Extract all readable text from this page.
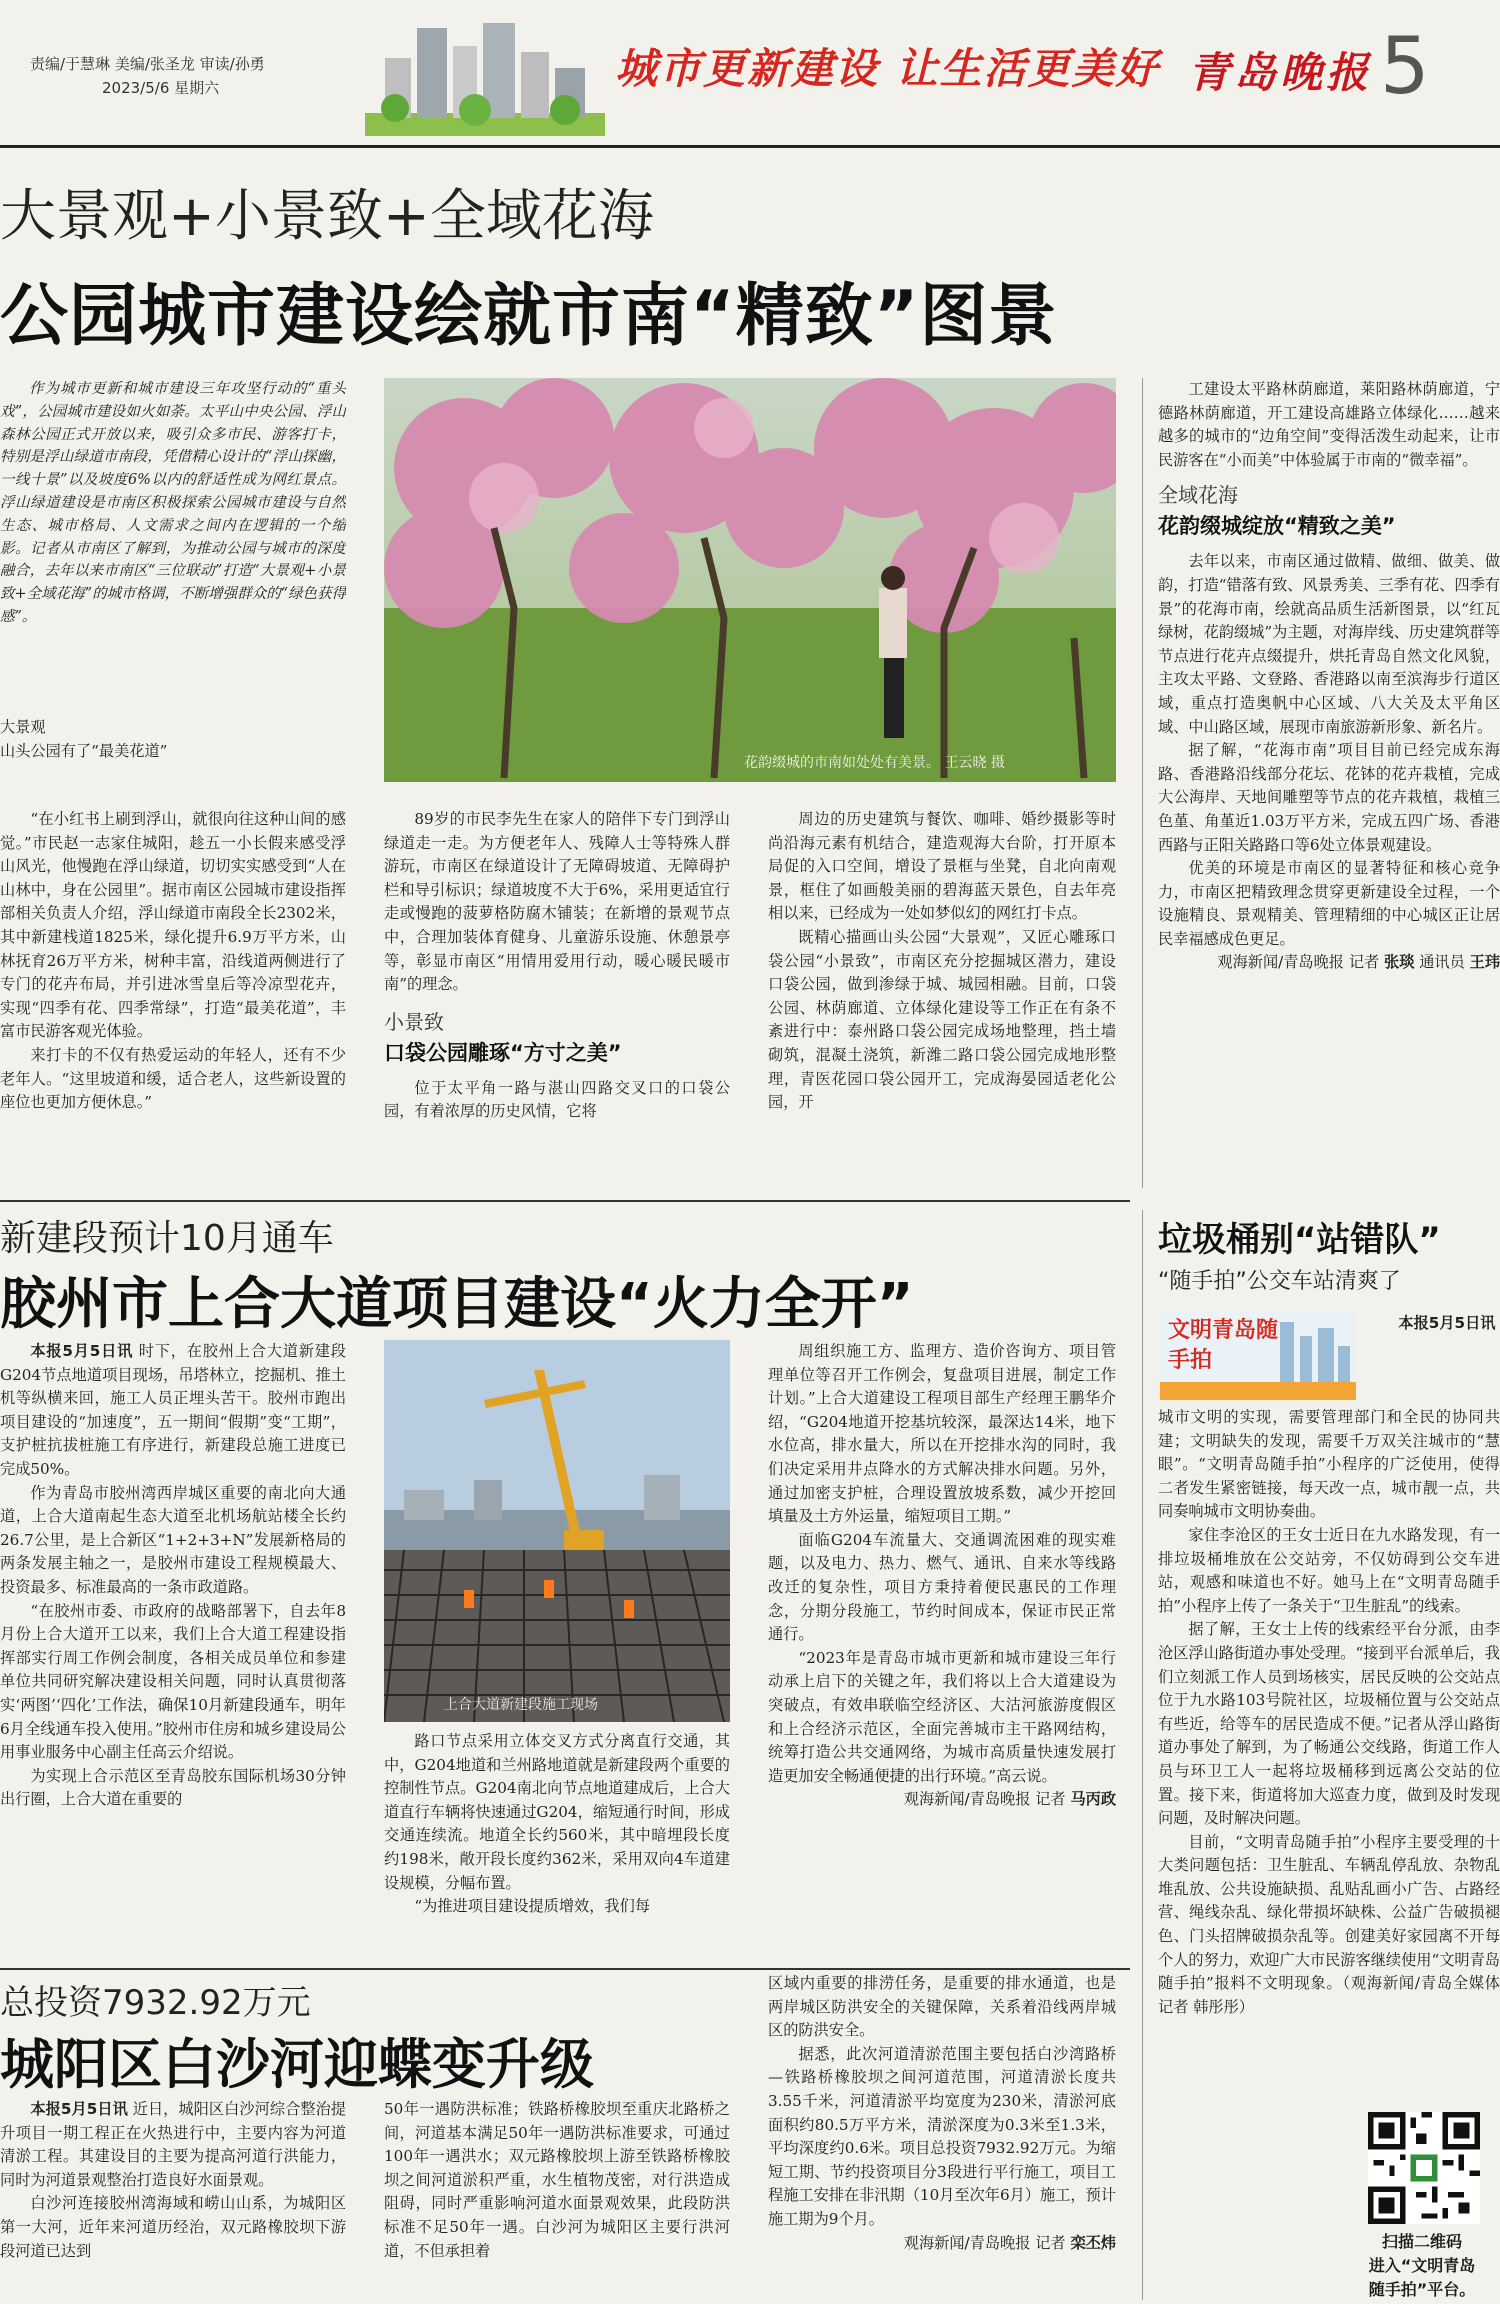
责编/于慧琳 美编/张圣龙 审读/孙勇
2023/5/6 星期六	城市更新建设 让生活更美好 青岛晚报 5
大景观+小景致+全域花海
公园城市建设绘就市南“精致”图景

作为城市更新和城市建设三年攻坚行动的“重头戏”，公园城市建设如火如荼。太平山中央公园、浮山森林公园正式开放以来，吸引众多市民、游客打卡，特别是浮山绿道市南段，凭借精心设计的“浮山探幽，一线十景”以及坡度6%以内的舒适性成为网红景点。浮山绿道建设是市南区积极探索公园城市建设与自然生态、城市格局、人文需求之间内在逻辑的一个缩影。记者从市南区了解到，为推动公园与城市的深度融合，去年以来市南区“三位联动”打造“大景观+小景致+全域花海”的城市格调，不断增强群众的“绿色获得感”。

大景观
山头公园有了“最美花道”
花韵缀城的市南如处处有美景。 王云晓 摄

“在小红书上刷到浮山，就很向往这种山间的感觉。”市民赵一志家住城阳，趁五一小长假来感受浮山风光，他慢跑在浮山绿道，切切实实感受到“人在山林中，身在公园里”。据市南区公园城市建设指挥部相关负责人介绍，浮山绿道市南段全长2302米，其中新建栈道1825米，绿化提升6.9万平方米，山林抚育26万平方米，树种丰富，沿线道两侧进行了专门的花卉布局，并引进冰雪皇后等冷凉型花卉，实现“四季有花、四季常绿”，打造“最美花道”，丰富市民游客观光体验。

来打卡的不仅有热爱运动的年轻人，还有不少老年人。“这里坡道和缓，适合老人，这些新设置的座位也更加方便休息。”

89岁的市民李先生在家人的陪伴下专门到浮山绿道走一走。为方便老年人、残障人士等特殊人群游玩，市南区在绿道设计了无障碍坡道、无障碍护栏和导引标识；绿道坡度不大于6%，采用更适宜行走或慢跑的菠萝格防腐木铺装；在新增的景观节点中，合理加装体育健身、儿童游乐设施、休憩景亭等，彰显市南区“用情用爱用行动，暖心暖民暖市南”的理念。

小景致
口袋公园雕琢“方寸之美”

位于太平角一路与湛山四路交叉口的口袋公园，有着浓厚的历史风情，它将

周边的历史建筑与餐饮、咖啡、婚纱摄影等时尚沿海元素有机结合，建造观海大台阶，打开原本局促的入口空间，增设了景框与坐凳，自北向南观景，框住了如画般美丽的碧海蓝天景色，自去年亮相以来，已经成为一处如梦似幻的网红打卡点。

既精心描画山头公园“大景观”，又匠心雕琢口袋公园“小景致”，市南区充分挖掘城区潜力，建设口袋公园，做到渗绿于城、城园相融。目前，口袋公园、林荫廊道、立体绿化建设等工作正在有条不紊进行中：泰州路口袋公园完成场地整理，挡土墙砌筑，混凝土浇筑，新潍二路口袋公园完成地形整理，青医花园口袋公园开工，完成海晏园适老化公园，开

工建设太平路林荫廊道，莱阳路林荫廊道，宁德路林荫廊道，开工建设高雄路立体绿化……越来越多的城市的“边角空间”变得活泼生动起来，让市民游客在“小而美”中体验属于市南的“微幸福”。

全域花海
花韵缀城绽放“精致之美”

去年以来，市南区通过做精、做细、做美、做韵，打造“错落有致、风景秀美、三季有花、四季有景”的花海市南，绘就高品质生活新图景，以“红瓦绿树，花韵缀城”为主题，对海岸线、历史建筑群等节点进行花卉点缀提升，烘托青岛自然文化风貌，主攻太平路、文登路、香港路以南至滨海步行道区域，重点打造奥帆中心区域、八大关及太平角区域、中山路区域，展现市南旅游新形象、新名片。

据了解，“花海市南”项目目前已经完成东海路、香港路沿线部分花坛、花钵的花卉栽植，完成大公海岸、天地间雕塑等节点的花卉栽植，栽植三色堇、角堇近1.03万平方米，完成五四广场、香港西路与正阳关路路口等6处立体景观建设。

优美的环境是市南区的显著特征和核心竞争力，市南区把精致理念贯穿更新建设全过程，一个设施精良、景观精美、管理精细的中心城区正让居民幸福感成色更足。

观海新闻/青岛晚报 记者 张琰 通讯员 王玮

新建段预计10月通车
胶州市上合大道项目建设“火力全开”

本报5月5日讯 时下，在胶州上合大道新建段G204节点地道项目现场，吊塔林立，挖掘机、推土机等纵横来回，施工人员正埋头苦干。胶州市跑出项目建设的“加速度”，五一期间“假期”变“工期”，支护桩抗拔桩施工有序进行，新建段总施工进度已完成50%。

作为青岛市胶州湾西岸城区重要的南北向大通道，上合大道南起生态大道至北机场航站楼全长约26.7公里，是上合新区“1+2+3+N”发展新格局的两条发展主轴之一，是胶州市建设工程规模最大、投资最多、标准最高的一条市政道路。

“在胶州市委、市政府的战略部署下，自去年8月份上合大道开工以来，我们上合大道工程建设指挥部实行周工作例会制度，各相关成员单位和参建单位共同研究解决建设相关问题，同时认真贯彻落实‘两图’‘四化’工作法，确保10月新建段通车，明年6月全线通车投入使用。”胶州市住房和城乡建设局公用事业服务中心副主任高云介绍说。

为实现上合示范区至青岛胶东国际机场30分钟出行圈，上合大道在重要的

上合大道新建段施工现场

路口节点采用立体交叉方式分离直行交通，其中，G204地道和兰州路地道就是新建段两个重要的控制性节点。G204南北向节点地道建成后，上合大道直行车辆将快速通过G204，缩短通行时间，形成交通连续流。地道全长约560米，其中暗埋段长度约198米，敞开段长度约362米，采用双向4车道建设规模，分幅布置。

“为推进项目建设提质增效，我们每

周组织施工方、监理方、造价咨询方、项目管理单位等召开工作例会，复盘项目进展，制定工作计划。”上合大道建设工程项目部生产经理王鹏华介绍，“G204地道开挖基坑较深，最深达14米，地下水位高，排水量大，所以在开挖排水沟的同时，我们决定采用井点降水的方式解决排水问题。另外，通过加密支护桩，合理设置放坡系数，减少开挖回填量及土方外运量，缩短项目工期。”

面临G204车流量大、交通调流困难的现实难题，以及电力、热力、燃气、通讯、自来水等线路改迁的复杂性，项目方秉持着便民惠民的工作理念，分期分段施工，节约时间成本，保证市民正常通行。

“2023年是青岛市城市更新和城市建设三年行动承上启下的关键之年，我们将以上合大道建设为突破点，有效串联临空经济区、大沽河旅游度假区和上合经济示范区，全面完善城市主干路网结构，统筹打造公共交通网络，为城市高质量快速发展打造更加安全畅通便捷的出行环境。”高云说。

观海新闻/青岛晚报 记者 马丙政

总投资7932.92万元
城阳区白沙河迎蝶变升级

本报5月5日讯 近日，城阳区白沙河综合整治提升项目一期工程正在火热进行中，主要内容为河道清淤工程。其建设目的主要为提高河道行洪能力，同时为河道景观整治打造良好水面景观。

白沙河连接胶州湾海域和崂山山系，为城阳区第一大河，近年来河道历经治，双元路橡胶坝下游段河道已达到

50年一遇防洪标准；铁路桥橡胶坝至重庆北路桥之间，河道基本满足50年一遇防洪标准要求，可通过100年一遇洪水；双元路橡胶坝上游至铁路桥橡胶坝之间河道淤积严重，水生植物茂密，对行洪造成阻碍，同时严重影响河道水面景观效果，此段防洪标准不足50年一遇。白沙河为城阳区主要行洪河道，不但承担着

区域内重要的排涝任务，是重要的排水通道，也是两岸城区防洪安全的关键保障，关系着沿线两岸城区的防洪安全。

据悉，此次河道清淤范围主要包括白沙湾路桥—铁路桥橡胶坝之间河道范围，河道清淤长度共3.55千米，河道清淤平均宽度为230米，清淤河底面积约80.5万平方米，清淤深度为0.3米至1.3米，平均深度约0.6米。项目总投资7932.92万元。为缩短工期、节约投资项目分3段进行平行施工，项目工程施工安排在非汛期（10月至次年6月）施工，预计施工期为9个月。

观海新闻/青岛晚报 记者 栾丕炜

垃圾桶别“站错队”
“随手拍”公交车站清爽了
文明青岛随手拍

本报5月5日讯

城市文明的实现，需要管理部门和全民的协同共建；文明缺失的发现，需要千万双关注城市的“慧眼”。“文明青岛随手拍”小程序的广泛使用，使得二者发生紧密链接，每天改一点，城市靓一点，共同奏响城市文明协奏曲。

家住李沧区的王女士近日在九水路发现，有一排垃圾桶堆放在公交站旁，不仅妨碍到公交车进站，观感和味道也不好。她马上在“文明青岛随手拍”小程序上传了一条关于“卫生脏乱”的线索。

据了解，王女士上传的线索经平台分派，由李沧区浮山路街道办事处受理。“接到平台派单后，我们立刻派工作人员到场核实，居民反映的公交站点位于九水路103号院社区，垃圾桶位置与公交站点有些近，给等车的居民造成不便。”记者从浮山路街道办事处了解到，为了畅通公交线路，街道工作人员与环卫工人一起将垃圾桶移到远离公交站的位置。接下来，街道将加大巡查力度，做到及时发现问题，及时解决问题。

目前，“文明青岛随手拍”小程序主要受理的十大类问题包括：卫生脏乱、车辆乱停乱放、杂物乱堆乱放、公共设施缺损、乱贴乱画小广告、占路经营、绳线杂乱、绿化带损坏缺株、公益广告破损褪色、门头招牌破损杂乱等。创建美好家园离不开每个人的努力，欢迎广大市民游客继续使用“文明青岛随手拍”报料不文明现象。（观海新闻/青岛全媒体 记者 韩彤彤）

扫描二维码
进入“文明青岛
随手拍”平台。
